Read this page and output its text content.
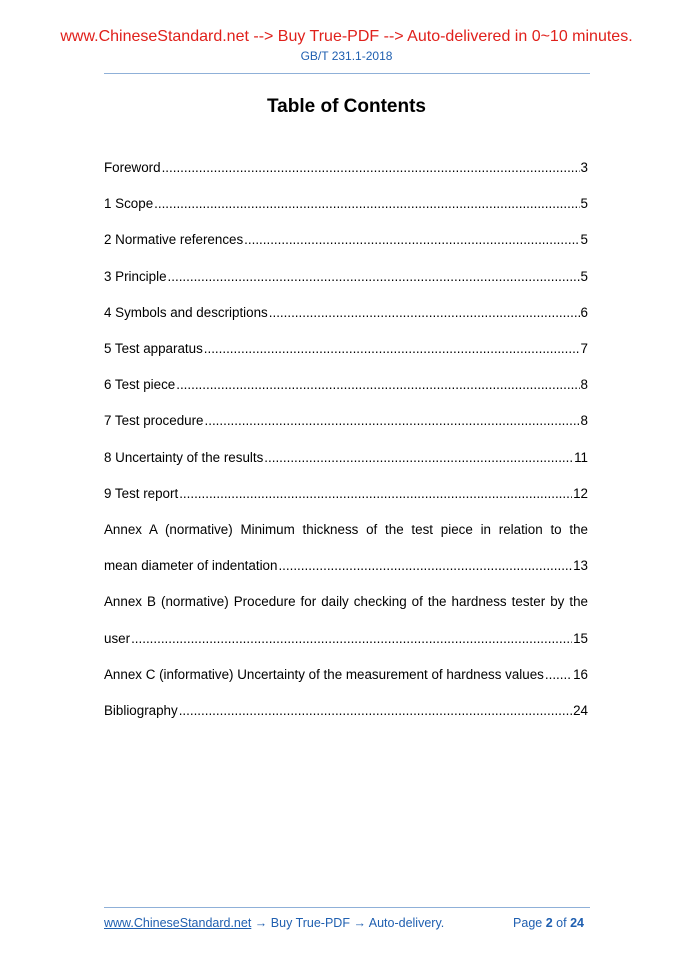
www.ChineseStandard.net --> Buy True-PDF --> Auto-delivered in 0~10 minutes.
GB/T 231.1-2018
Table of Contents
Foreword .....	3
1 Scope .....	5
2 Normative references .....	5
3 Principle .....	5
4 Symbols and descriptions .....	6
5 Test apparatus .....	7
6 Test piece .....	8
7 Test procedure .....	8
8 Uncertainty of the results .....	11
9 Test report .....	12
Annex A (normative) Minimum thickness of the test piece in relation to the
mean diameter of indentation .....	13
Annex B (normative) Procedure for daily checking of the hardness tester by the
user .....	15
Annex C (informative) Uncertainty of the measurement of hardness values ..... 16
Bibliography .....	24
www.ChineseStandard.net → Buy True-PDF → Auto-delivery.	Page 2 of 24
